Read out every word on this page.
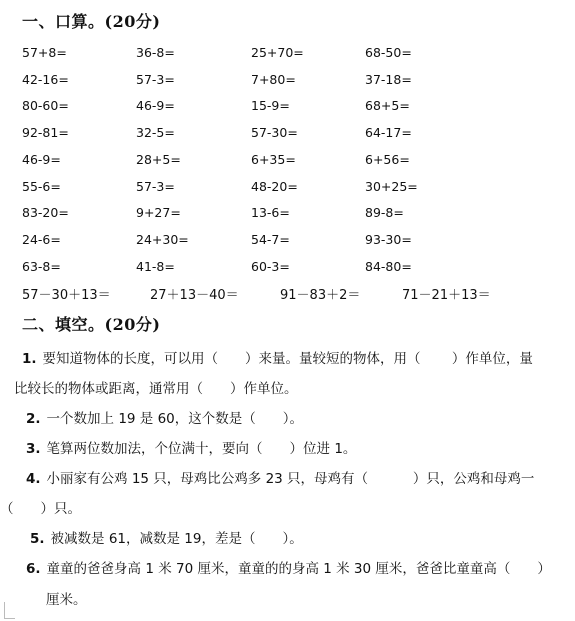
一、口算。(20分)
57+8=	36-8=	25+70=	68-50=
42-16=	57-3=	7+80=	37-18=
80-60=	46-9=	15-9=	68+5=
92-81=	32-5=	57-30=	64-17=
46-9=	28+5=	6+35=	6+56=
55-6=	57-3=	48-20=	30+25=
83-20=	9+27=	13-6=	89-8=
24-6=	24+30=	54-7=	93-30=
63-8=	41-8=	60-3=	84-80=
57－30＋13＝	27＋13－40＝	91－83＋2＝	71－21＋13＝
二、填空。(20分)
1. 要知道物体的长度，可以用（　　）来量。量较短的物体，用（　　 ）作单位，量
比较长的物体或距离，通常用（　　）作单位。
2. 一个数加上 19 是 60，这个数是（　　）。
3. 笔算两位数加法，个位满十，要向（　　）位进 1。
4. 小丽家有公鸡 15 只，母鸡比公鸡多 23 只，母鸡有（　　　 ）只，公鸡和母鸡一
（　　）只。
5. 被减数是 61，减数是 19，差是（　　）。
6. 童童的爸爸身高 1 米 70 厘米，童童的的身高 1 米 30 厘米，爸爸比童童高（　　）
厘米。
